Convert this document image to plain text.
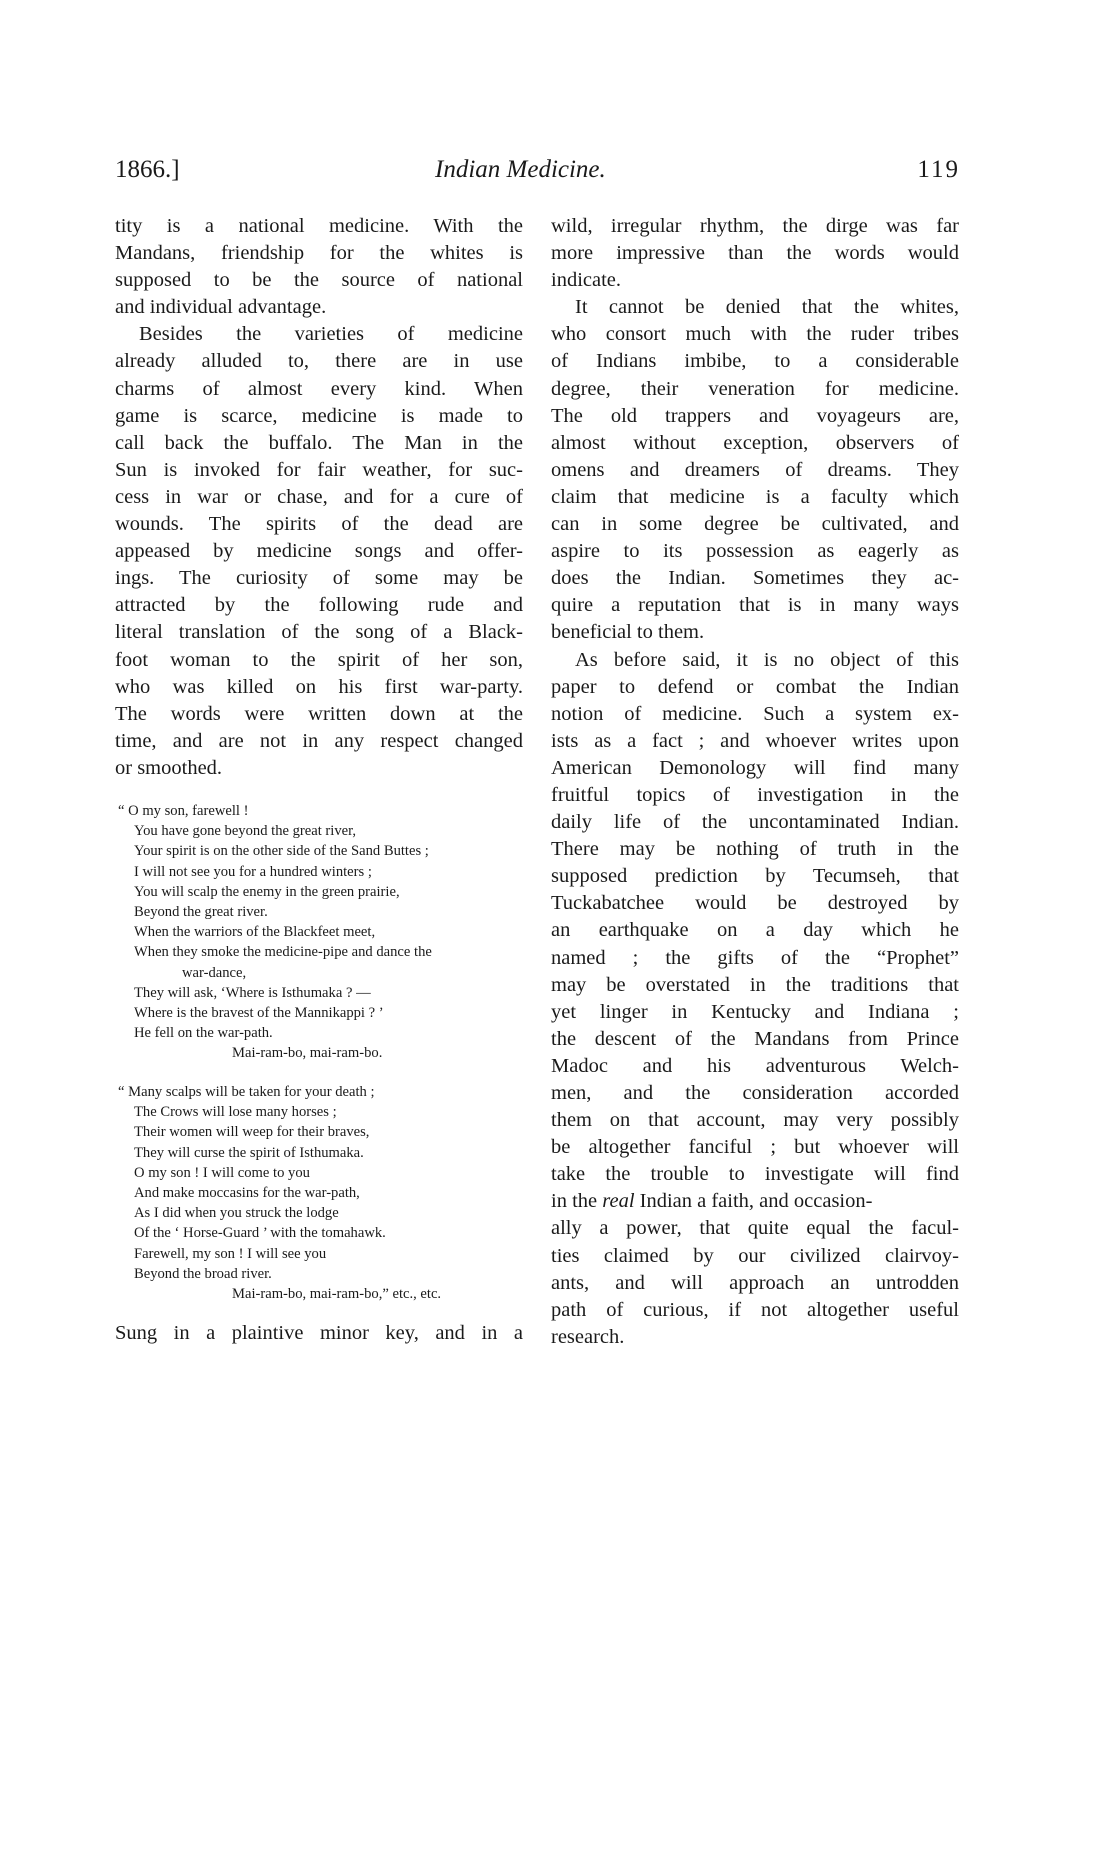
1866.]	Indian Medicine.	119
tity is a national medicine. With the
Mandans, friendship for the whites is
supposed to be the source of national
and individual advantage.
Besides the varieties of medicine
already alluded to, there are in use
charms of almost every kind. When
game is scarce, medicine is made to
call back the buffalo. The Man in the
Sun is invoked for fair weather, for suc-
cess in war or chase, and for a cure of
wounds. The spirits of the dead are
appeased by medicine songs and offer-
ings. The curiosity of some may be
attracted by the following rude and
literal translation of the song of a Black-
foot woman to the spirit of her son,
who was killed on his first war-party.
The words were written down at the
time, and are not in any respect changed
or smoothed.
“ O my son, farewell !
You have gone beyond the great river,
Your spirit is on the other side of the Sand Buttes ;
I will not see you for a hundred winters ;
You will scalp the enemy in the green prairie,
Beyond the great river.
When the warriors of the Blackfeet meet,
When they smoke the medicine-pipe and dance the
war-dance,
They will ask, ‘Where is Isthumaka ? —
Where is the bravest of the Mannikappi ? ’
He fell on the war-path.
Mai-ram-bo, mai-ram-bo.
“ Many scalps will be taken for your death ;
The Crows will lose many horses ;
Their women will weep for their braves,
They will curse the spirit of Isthumaka.
O my son ! I will come to you
And make moccasins for the war-path,
As I did when you struck the lodge
Of the ‘ Horse-Guard ’ with the tomahawk.
Farewell, my son ! I will see you
Beyond the broad river.
Mai-ram-bo, mai-ram-bo,” etc., etc.
Sung in a plaintive minor key, and in a
wild, irregular rhythm, the dirge was far
more impressive than the words would
indicate.
It cannot be denied that the whites,
who consort much with the ruder tribes
of Indians imbibe, to a considerable
degree, their veneration for medicine.
The old trappers and voyageurs are,
almost without exception, observers of
omens and dreamers of dreams. They
claim that medicine is a faculty which
can in some degree be cultivated, and
aspire to its possession as eagerly as
does the Indian. Sometimes they ac-
quire a reputation that is in many ways
beneficial to them.
As before said, it is no object of this
paper to defend or combat the Indian
notion of medicine. Such a system ex-
ists as a fact ; and whoever writes upon
American Demonology will find many
fruitful topics of investigation in the
daily life of the uncontaminated Indian.
There may be nothing of truth in the
supposed prediction by Tecumseh, that
Tuckabatchee would be destroyed by
an earthquake on a day which he
named ; the gifts of the “Prophet”
may be overstated in the traditions that
yet linger in Kentucky and Indiana ;
the descent of the Mandans from Prince
Madoc and his adventurous Welch-
men, and the consideration accorded
them on that account, may very possibly
be altogether fanciful ; but whoever will
take the trouble to investigate will find
in the real Indian a faith, and occasion-
ally a power, that quite equal the facul-
ties claimed by our civilized clairvoy-
ants, and will approach an untrodden
path of curious, if not altogether useful
research.
